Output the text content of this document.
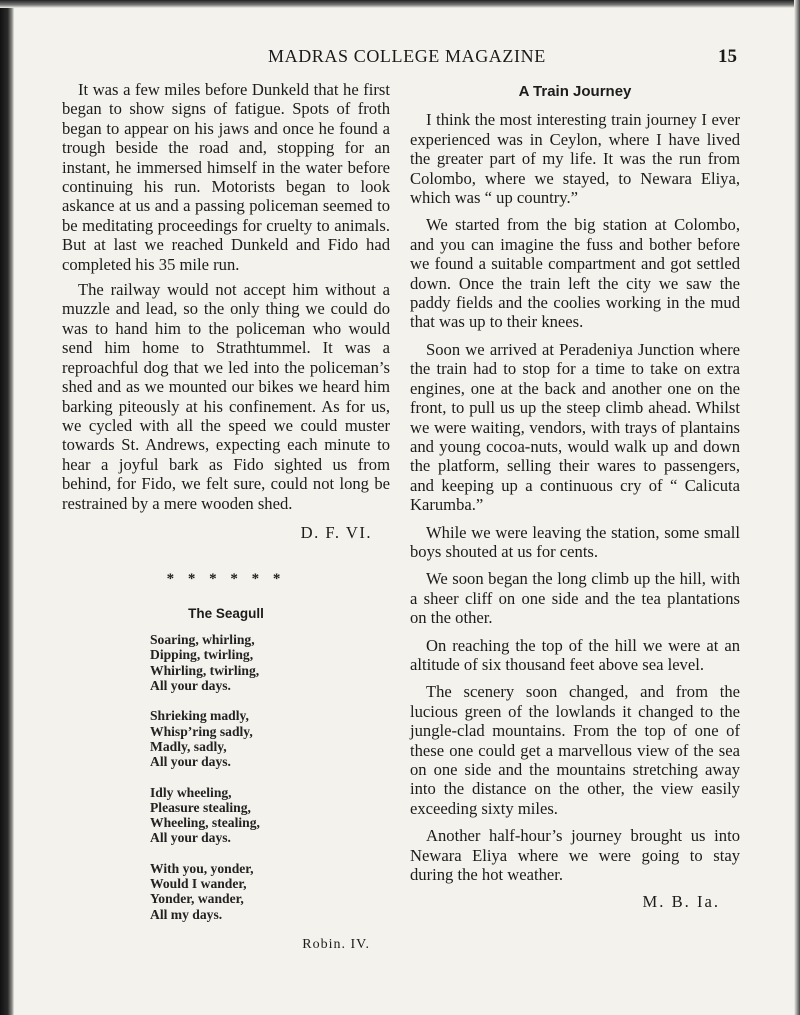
MADRAS COLLEGE MAGAZINE	15

It was a few miles before Dunkeld that he first began to show signs of fatigue. Spots of froth began to appear on his jaws and once he found a trough beside the road and, stopping for an instant, he immersed himself in the water before continuing his run. Motorists began to look askance at us and a passing policeman seemed to be meditating proceedings for cruelty to animals. But at last we reached Dunkeld and Fido had completed his 35 mile run.

The railway would not accept him without a muzzle and lead, so the only thing we could do was to hand him to the policeman who would send him home to Strathtummel. It was a reproachful dog that we led into the policeman’s shed and as we mounted our bikes we heard him barking piteously at his confinement. As for us, we cycled with all the speed we could muster towards St. Andrews, expecting each minute to hear a joyful bark as Fido sighted us from behind, for Fido, we felt sure, could not long be restrained by a mere wooden shed.

D. F. VI.
* * * * * *
The Seagull
Soaring, whirling,
Dipping, twirling,
Whirling, twirling,
All your days.
Shrieking madly,
Whisp’ring sadly,
Madly, sadly,
All your days.
Idly wheeling,
Pleasure stealing,
Wheeling, stealing,
All your days.
With you, yonder,
Would I wander,
Yonder, wander,
All my days.
Robin. IV.
A Train Journey

I think the most interesting train journey I ever experienced was in Ceylon, where I have lived the greater part of my life. It was the run from Colombo, where we stayed, to Newara Eliya, which was “ up country.”

We started from the big station at Colombo, and you can imagine the fuss and bother before we found a suitable compartment and got settled down. Once the train left the city we saw the paddy fields and the coolies working in the mud that was up to their knees.

Soon we arrived at Peradeniya Junction where the train had to stop for a time to take on extra engines, one at the back and another one on the front, to pull us up the steep climb ahead. Whilst we were waiting, vendors, with trays of plantains and young cocoa-nuts, would walk up and down the platform, selling their wares to passengers, and keeping up a continuous cry of “ Calicuta Karumba.”

While we were leaving the station, some small boys shouted at us for cents.

We soon began the long climb up the hill, with a sheer cliff on one side and the tea plantations on the other.

On reaching the top of the hill we were at an altitude of six thousand feet above sea level.

The scenery soon changed, and from the lucious green of the lowlands it changed to the jungle-clad mountains. From the top of one of these one could get a marvellous view of the sea on one side and the mountains stretching away into the distance on the other, the view easily exceeding sixty miles.

Another half-hour’s journey brought us into Newara Eliya where we were going to stay during the hot weather.

M. B. Ia.
